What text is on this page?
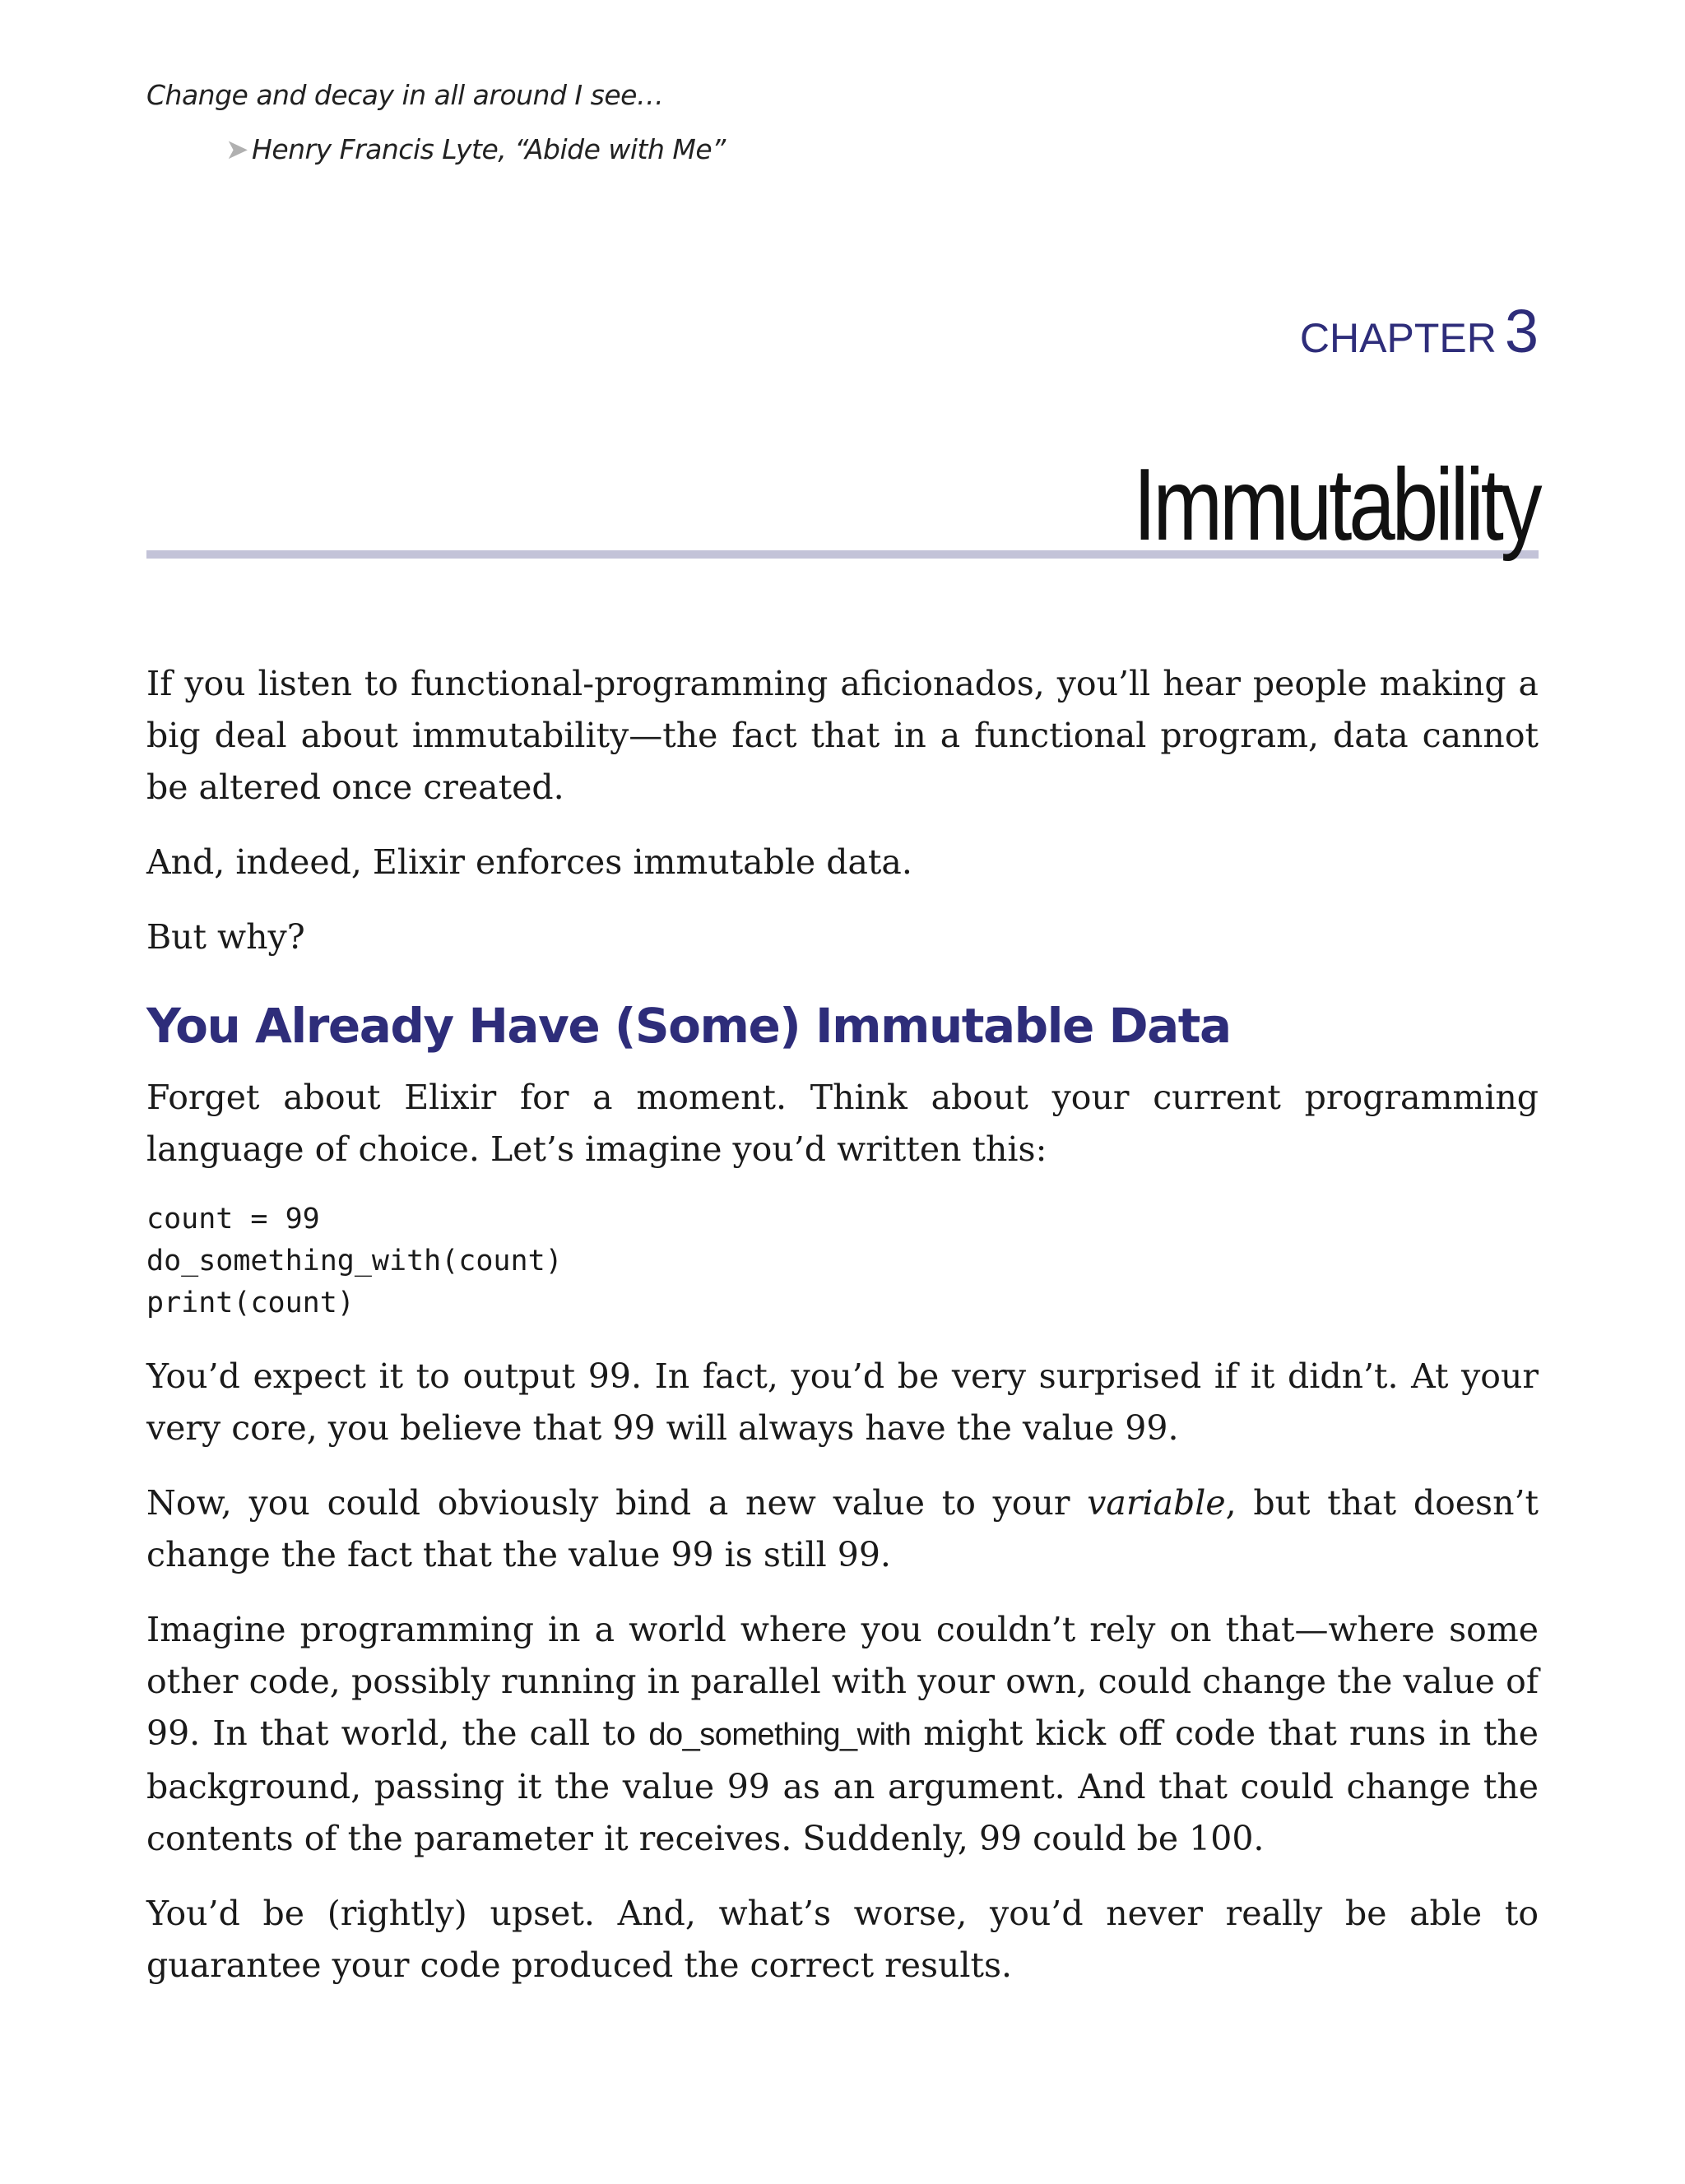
Change and decay in all around I see…
➤ Henry Francis Lyte, “Abide with Me”
CHAPTER 3
Immutability

If you listen to functional-programming aficionados, you’ll hear people making a big deal about immutability—the fact that in a functional program, data cannot be altered once created.

And, indeed, Elixir enforces immutable data.

But why?

You Already Have (Some) Immutable Data

Forget about Elixir for a moment. Think about your current programming language of choice. Let’s imagine you’d written this:

count = 99
do_something_with(count)
print(count)

You’d expect it to output 99. In fact, you’d be very surprised if it didn’t. At your very core, you believe that 99 will always have the value 99.

Now, you could obviously bind a new value to your variable, but that doesn’t change the fact that the value 99 is still 99.

Imagine programming in a world where you couldn’t rely on that—where some other code, possibly running in parallel with your own, could change the value of 99. In that world, the call to do_something_with might kick off code that runs in the background, passing it the value 99 as an argument. And that could change the contents of the parameter it receives. Suddenly, 99 could be 100.

You’d be (rightly) upset. And, what’s worse, you’d never really be able to guarantee your code produced the correct results.
